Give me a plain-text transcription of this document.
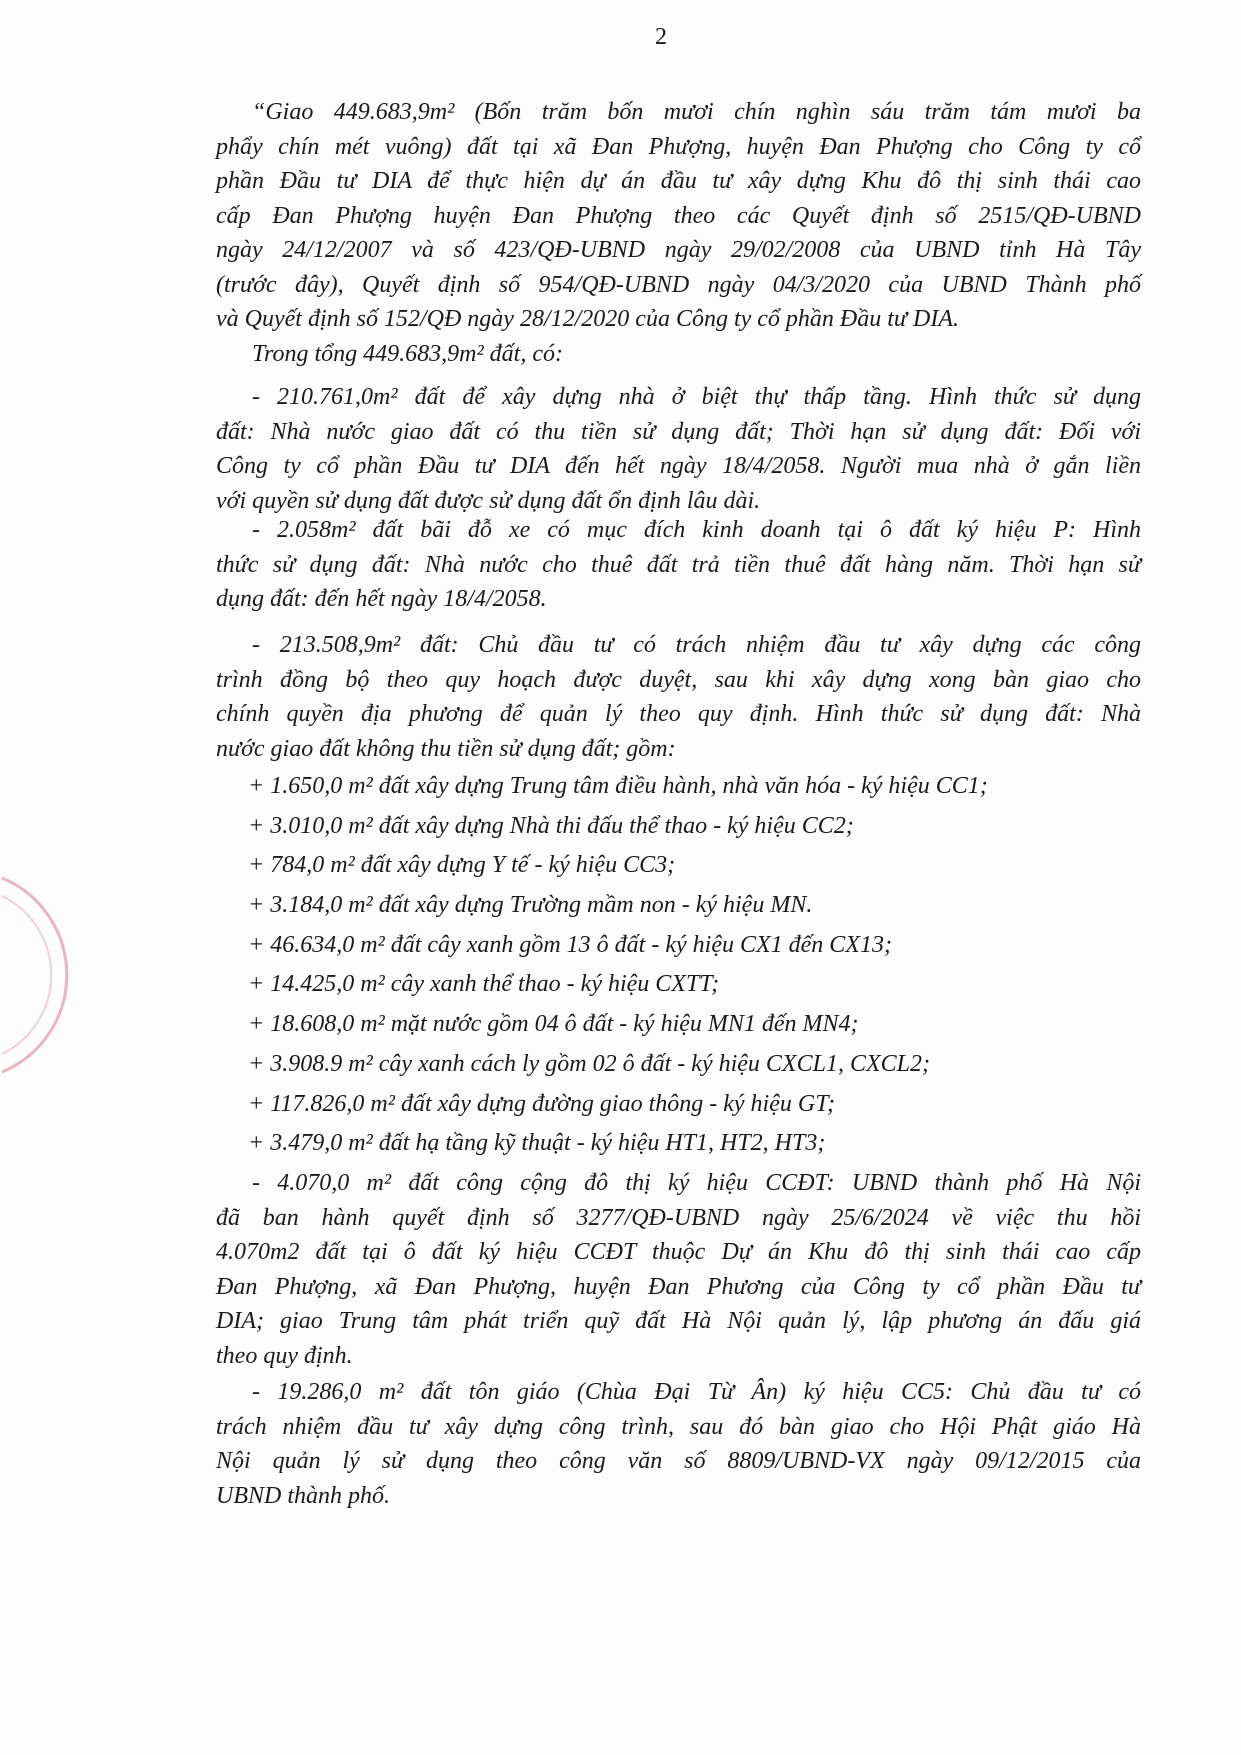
2
“Giao 449.683,9m² (Bốn trăm bốn mươi chín nghìn sáu trăm tám mươi ba
phẩy chín mét vuông) đất tại xã Đan Phượng, huyện Đan Phượng cho Công ty cổ
phần Đầu tư DIA để thực hiện dự án đầu tư xây dựng Khu đô thị sinh thái cao
cấp Đan Phượng huyện Đan Phượng theo các Quyết định số 2515/QĐ-UBND
ngày 24/12/2007 và số 423/QĐ-UBND ngày 29/02/2008 của UBND tỉnh Hà Tây
(trước đây), Quyết định số 954/QĐ-UBND ngày 04/3/2020 của UBND Thành phố
và Quyết định số 152/QĐ ngày 28/12/2020 của Công ty cổ phần Đầu tư DIA.
Trong tổng 449.683,9m² đất, có:
- 210.761,0m² đất để xây dựng nhà ở biệt thự thấp tầng. Hình thức sử dụng
đất: Nhà nước giao đất có thu tiền sử dụng đất; Thời hạn sử dụng đất: Đối với
Công ty cổ phần Đầu tư DIA đến hết ngày 18/4/2058. Người mua nhà ở gắn liền
với quyền sử dụng đất được sử dụng đất ổn định lâu dài.
- 2.058m² đất bãi đỗ xe có mục đích kinh doanh tại ô đất ký hiệu P: Hình
thức sử dụng đất: Nhà nước cho thuê đất trả tiền thuê đất hàng năm. Thời hạn sử
dụng đất: đến hết ngày 18/4/2058.
- 213.508,9m² đất: Chủ đầu tư có trách nhiệm đầu tư xây dựng các công
trình đồng bộ theo quy hoạch được duyệt, sau khi xây dựng xong bàn giao cho
chính quyền địa phương để quản lý theo quy định. Hình thức sử dụng đất: Nhà
nước giao đất không thu tiền sử dụng đất; gồm:
+ 1.650,0 m² đất xây dựng Trung tâm điều hành, nhà văn hóa - ký hiệu CC1;
+ 3.010,0 m² đất xây dựng Nhà thi đấu thể thao - ký hiệu CC2;
+ 784,0 m² đất xây dựng Y tế - ký hiệu CC3;
+ 3.184,0 m² đất xây dựng Trường mầm non - ký hiệu MN.
+ 46.634,0 m² đất cây xanh gồm 13 ô đất - ký hiệu CX1 đến CX13;
+ 14.425,0 m² cây xanh thể thao - ký hiệu CXTT;
+ 18.608,0 m² mặt nước gồm 04 ô đất - ký hiệu MN1 đến MN4;
+ 3.908.9 m² cây xanh cách ly gồm 02 ô đất - ký hiệu CXCL1, CXCL2;
+ 117.826,0 m² đất xây dựng đường giao thông - ký hiệu GT;
+ 3.479,0 m² đất hạ tầng kỹ thuật - ký hiệu HT1, HT2, HT3;
- 4.070,0 m² đất công cộng đô thị ký hiệu CCĐT: UBND thành phố Hà Nội
đã ban hành quyết định số 3277/QĐ-UBND ngày 25/6/2024 về việc thu hồi
4.070m2 đất tại ô đất ký hiệu CCĐT thuộc Dự án Khu đô thị sinh thái cao cấp
Đan Phượng, xã Đan Phượng, huyện Đan Phương của Công ty cổ phần Đầu tư
DIA; giao Trung tâm phát triển quỹ đất Hà Nội quản lý, lập phương án đấu giá
theo quy định.
- 19.286,0 m² đất tôn giáo (Chùa Đại Từ Ân) ký hiệu CC5: Chủ đầu tư có
trách nhiệm đầu tư xây dựng công trình, sau đó bàn giao cho Hội Phật giáo Hà
Nội quản lý sử dụng theo công văn số 8809/UBND-VX ngày 09/12/2015 của
UBND thành phố.
